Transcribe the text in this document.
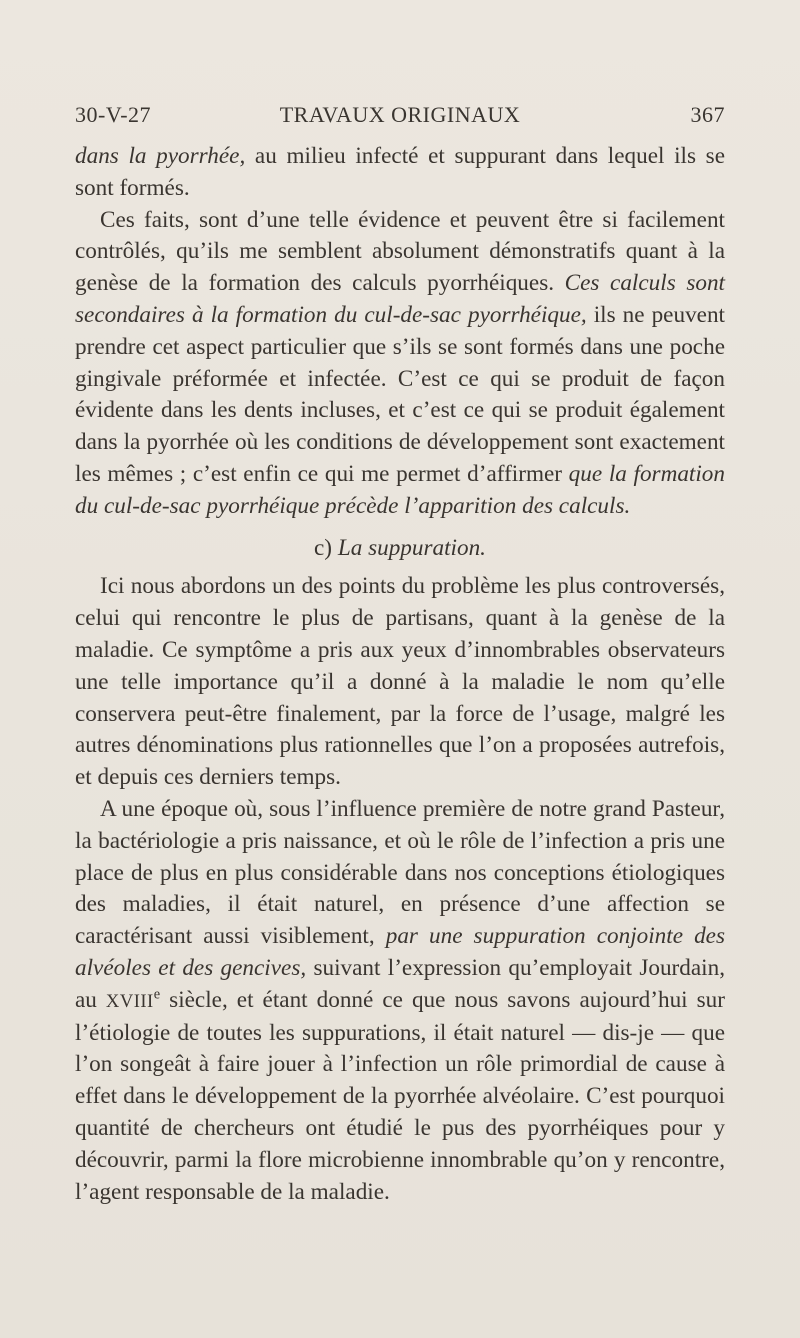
30-V-27	TRAVAUX ORIGINAUX	367

dans la pyorrhée, au milieu infecté et suppurant dans lequel ils se sont formés.

Ces faits, sont d’une telle évidence et peuvent être si facilement contrôlés, qu’ils me semblent absolument démonstratifs quant à la genèse de la formation des calculs pyorrhéiques. Ces calculs sont secondaires à la formation du cul-de-sac pyorrhéique, ils ne peuvent prendre cet aspect particulier que s’ils se sont formés dans une poche gingivale préformée et infectée. C’est ce qui se produit de façon évidente dans les dents incluses, et c’est ce qui se produit également dans la pyorrhée où les conditions de développement sont exactement les mêmes ; c’est enfin ce qui me permet d’affirmer que la formation du cul-de-sac pyorrhéique précède l’apparition des calculs.

c) La suppuration.

Ici nous abordons un des points du problème les plus controversés, celui qui rencontre le plus de partisans, quant à la genèse de la maladie. Ce symptôme a pris aux yeux d’innombrables observateurs une telle importance qu’il a donné à la maladie le nom qu’elle conservera peut-être finalement, par la force de l’usage, malgré les autres dénominations plus rationnelles que l’on a proposées autrefois, et depuis ces derniers temps.

A une époque où, sous l’influence première de notre grand Pasteur, la bactériologie a pris naissance, et où le rôle de l’infection a pris une place de plus en plus considérable dans nos conceptions étiologiques des maladies, il était naturel, en présence d’une affection se caractérisant aussi visiblement, par une suppuration conjointe des alvéoles et des gencives, suivant l’expression qu’employait Jourdain, au XVIIIe siècle, et étant donné ce que nous savons aujourd’hui sur l’étiologie de toutes les suppurations, il était naturel — dis-je — que l’on songeât à faire jouer à l’infection un rôle primordial de cause à effet dans le développement de la pyorrhée alvéolaire. C’est pourquoi quantité de chercheurs ont étudié le pus des pyorrhéiques pour y découvrir, parmi la flore microbienne innombrable qu’on y rencontre, l’agent responsable de la maladie.
